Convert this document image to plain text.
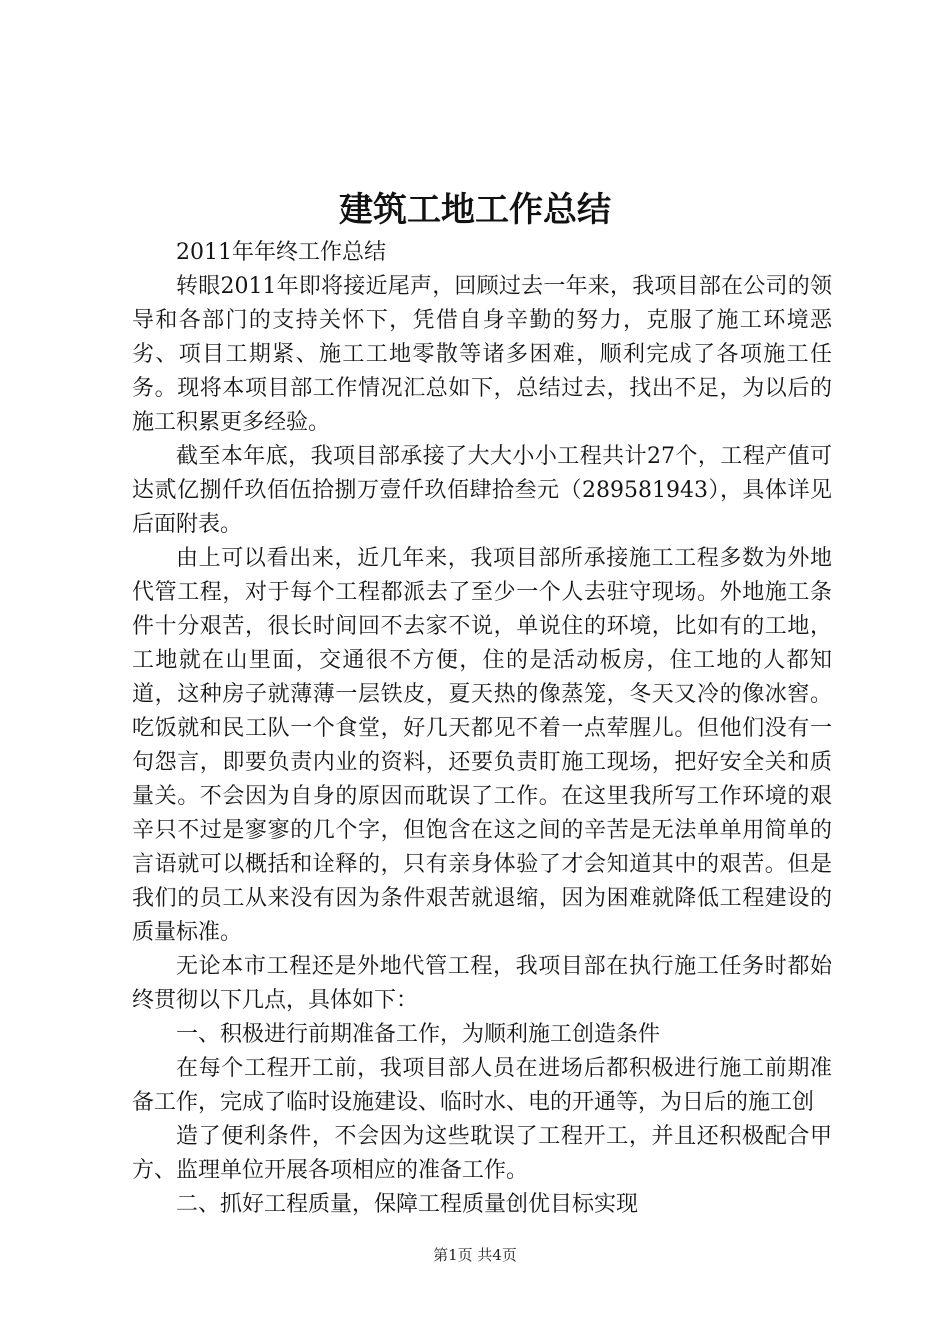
建筑工地工作总结

2011年年终工作总结

转眼2011年即将接近尾声，回顾过去一年来，我项目部在公司的领导和各部门的支持关怀下，凭借自身辛勤的努力，克服了施工环境恶劣、项目工期紧、施工工地零散等诸多困难，顺利完成了各项施工任务。现将本项目部工作情况汇总如下，总结过去，找出不足，为以后的施工积累更多经验。

截至本年底，我项目部承接了大大小小工程共计27个，工程产值可达贰亿捌仟玖佰伍拾捌万壹仟玖佰肆拾叁元（289581943），具体详见后面附表。

由上可以看出来，近几年来，我项目部所承接施工工程多数为外地代管工程，对于每个工程都派去了至少一个人去驻守现场。外地施工条件十分艰苦，很长时间回不去家不说，单说住的环境，比如有的工地，工地就在山里面，交通很不方便，住的是活动板房，住工地的人都知道，这种房子就薄薄一层铁皮，夏天热的像蒸笼，冬天又冷的像冰窖。吃饭就和民工队一个食堂，好几天都见不着一点荤腥儿。但他们没有一句怨言，即要负责内业的资料，还要负责盯施工现场，把好安全关和质量关。不会因为自身的原因而耽误了工作。在这里我所写工作环境的艰辛只不过是寥寥的几个字，但饱含在这之间的辛苦是无法单单用简单的言语就可以概括和诠释的，只有亲身体验了才会知道其中的艰苦。但是我们的员工从来没有因为条件艰苦就退缩，因为困难就降低工程建设的质量标准。

无论本市工程还是外地代管工程，我项目部在执行施工任务时都始终贯彻以下几点，具体如下：

一、积极进行前期准备工作，为顺利施工创造条件

在每个工程开工前，我项目部人员在进场后都积极进行施工前期准备工作，完成了临时设施建设、临时水、电的开通等，为日后的施工创

造了便利条件，不会因为这些耽误了工程开工，并且还积极配合甲方、监理单位开展各项相应的准备工作。

二、抓好工程质量，保障工程质量创优目标实现

第1页 共4页
